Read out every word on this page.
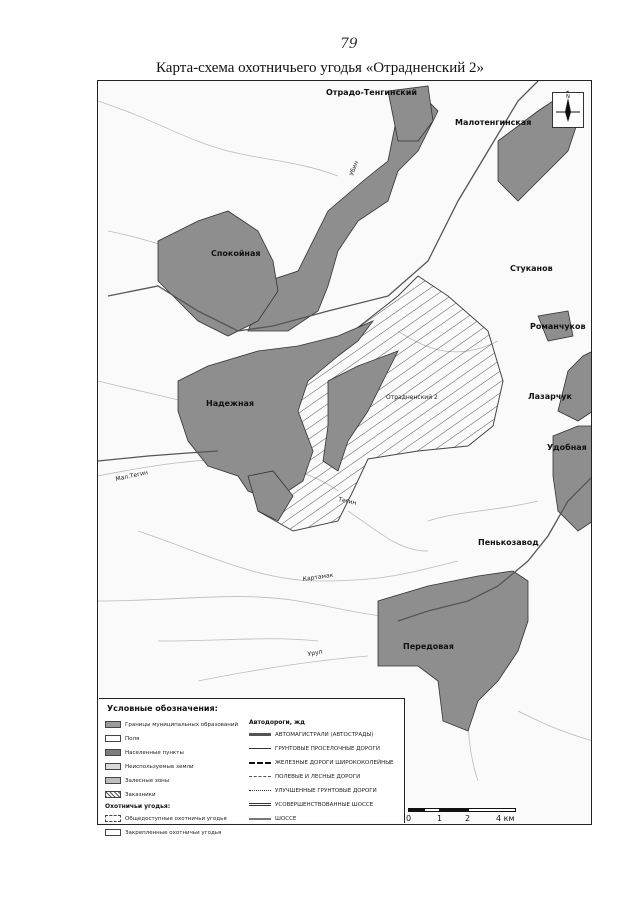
79
Карта-схема охотничьего угодья «Отрадненский 2»
Отрадо-Тенгинский
Малотенгинская
Спокойная
Стуканов
Романчуков
Надежная
Отрадненский 2	Лазарчук
Удобная
Пенькозавод
Передовая
Убин
Мал.Тегин
Тегин
Картамак
Уруп
N
Условные обозначения:
Границы муниципальных образований
Поля
Населенные пункты
Неиспользуемые земли
Залесные зоны
Заказники
Охотничьи угодья:
Общедоступные охотничьи угодья
Закрепленные охотничьи угодья
Автодороги, жд
АВТОМАГИСТРАЛИ (АВТОСТРАДЫ)
ГРУНТОВЫЕ ПРОСЕЛОЧНЫЕ ДОРОГИ
ЖЕЛЕЗНЫЕ ДОРОГИ ШИРОКОКОЛЕЙНЫЕ
ПОЛЕВЫЕ И ЛЕСНЫЕ ДОРОГИ
УЛУЧШЕННЫЕ ГРУНТОВЫЕ ДОРОГИ
УСОВЕРШЕНСТВОВАННЫЕ ШОССЕ
ШОССЕ	0	1	2	4 км
